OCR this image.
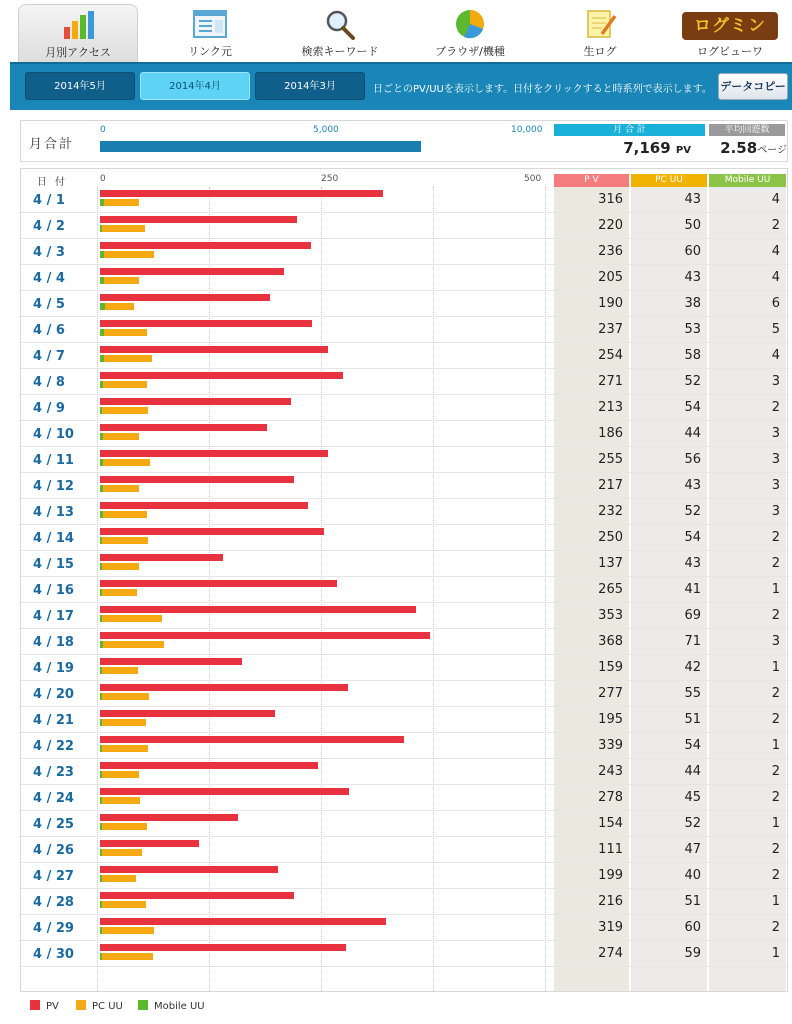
月別アクセス	リンク元	検索キーワード	ブラウザ/機種	生ログ
ログミン
ログビューワ
2014年5月	2014年4月	2014年3月	日ごとのPV/UUを表示します。日付をクリックすると時系列で表示します。 データコピー
月合計
0	5,000	10,000	月 合 計	平均回遊数
7,169 PV	2.58ページ
日付	0	250	500	P V	PC UU	Mobile UU
4 / 1	316	43	4
4 / 2	220	50	2
4 / 3	236	60	4
4 / 4	205	43	4
4 / 5	190	38	6
4 / 6	237	53	5
4 / 7	254	58	4
4 / 8	271	52	3
4 / 9	213	54	2
4 / 10	186	44	3
4 / 11	255	56	3
4 / 12	217	43	3
4 / 13	232	52	3
4 / 14	250	54	2
4 / 15	137	43	2
4 / 16	265	41	1
4 / 17	353	69	2
4 / 18	368	71	3
4 / 19	159	42	1
4 / 20	277	55	2
4 / 21	195	51	2
4 / 22	339	54	1
4 / 23	243	44	2
4 / 24	278	45	2
4 / 25	154	52	1
4 / 26	111	47	2
4 / 27	199	40	2
4 / 28	216	51	1
4 / 29	319	60	2
4 / 30	274	59	1
PV	PC UU	Mobile UU
